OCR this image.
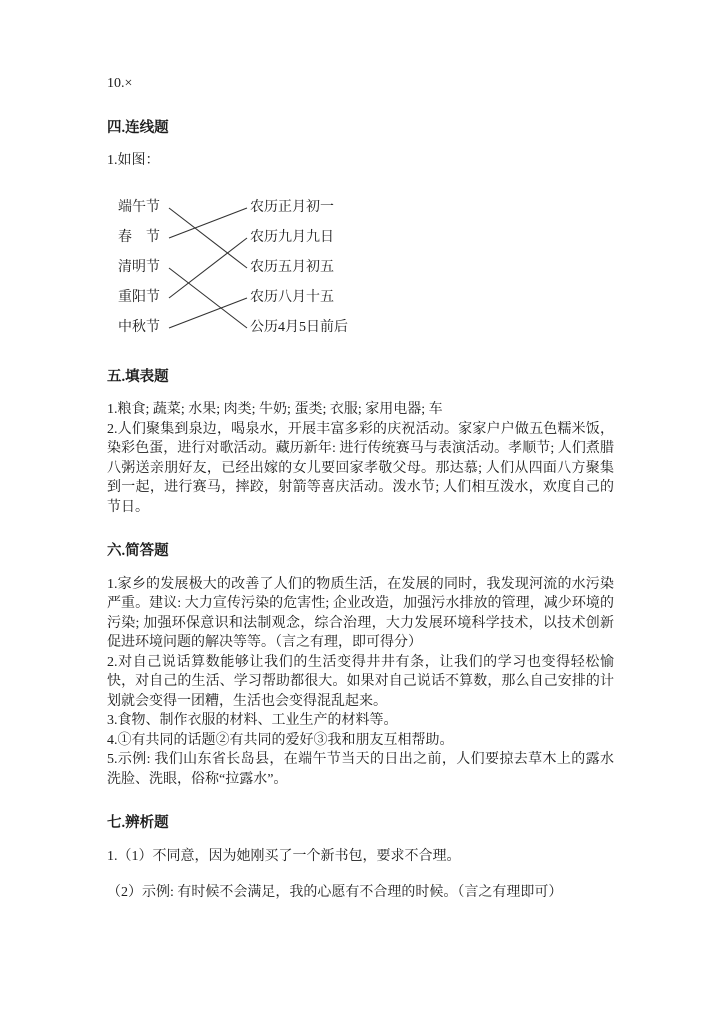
10.×

四.连线题

1.如图：

端午节
春　节
清明节
重阳节
中秋节
农历正月初一
农历九月九日
农历五月初五
农历八月十五
公历4月5日前后
五.填表题

1.粮食; 蔬菜; 水果; 肉类; 牛奶; 蛋类; 衣服; 家用电器; 车

2.人们聚集到泉边，喝泉水，开展丰富多彩的庆祝活动。家家户户做五色糯米饭，染彩色蛋，进行对歌活动。藏历新年: 进行传统赛马与表演活动。孝顺节; 人们煮腊八粥送亲朋好友，已经出嫁的女儿要回家孝敬父母。那达慕; 人们从四面八方聚集到一起，进行赛马，摔跤，射箭等喜庆活动。泼水节; 人们相互泼水，欢度自己的节日。

六.简答题

1.家乡的发展极大的改善了人们的物质生活，在发展的同时，我发现河流的水污染严重。建议: 大力宣传污染的危害性; 企业改造，加强污水排放的管理，减少环境的污染; 加强环保意识和法制观念，综合治理，大力发展环境科学技术，以技术创新促进环境问题的解决等等。（言之有理，即可得分）

2.对自己说话算数能够让我们的生活变得井井有条，让我们的学习也变得轻松愉快，对自己的生活、学习帮助都很大。如果对自己说话不算数，那么自己安排的计划就会变得一团糟，生活也会变得混乱起来。

3.食物、制作衣服的材料、工业生产的材料等。

4.①有共同的话题②有共同的爱好③我和朋友互相帮助。

5.示例: 我们山东省长岛县，在端午节当天的日出之前，人们要掠去草木上的露水洗脸、洗眼，俗称“拉露水”。

七.辨析题

1.（1）不同意，因为她刚买了一个新书包，要求不合理。

（2）示例: 有时候不会满足，我的心愿有不合理的时候。（言之有理即可）
